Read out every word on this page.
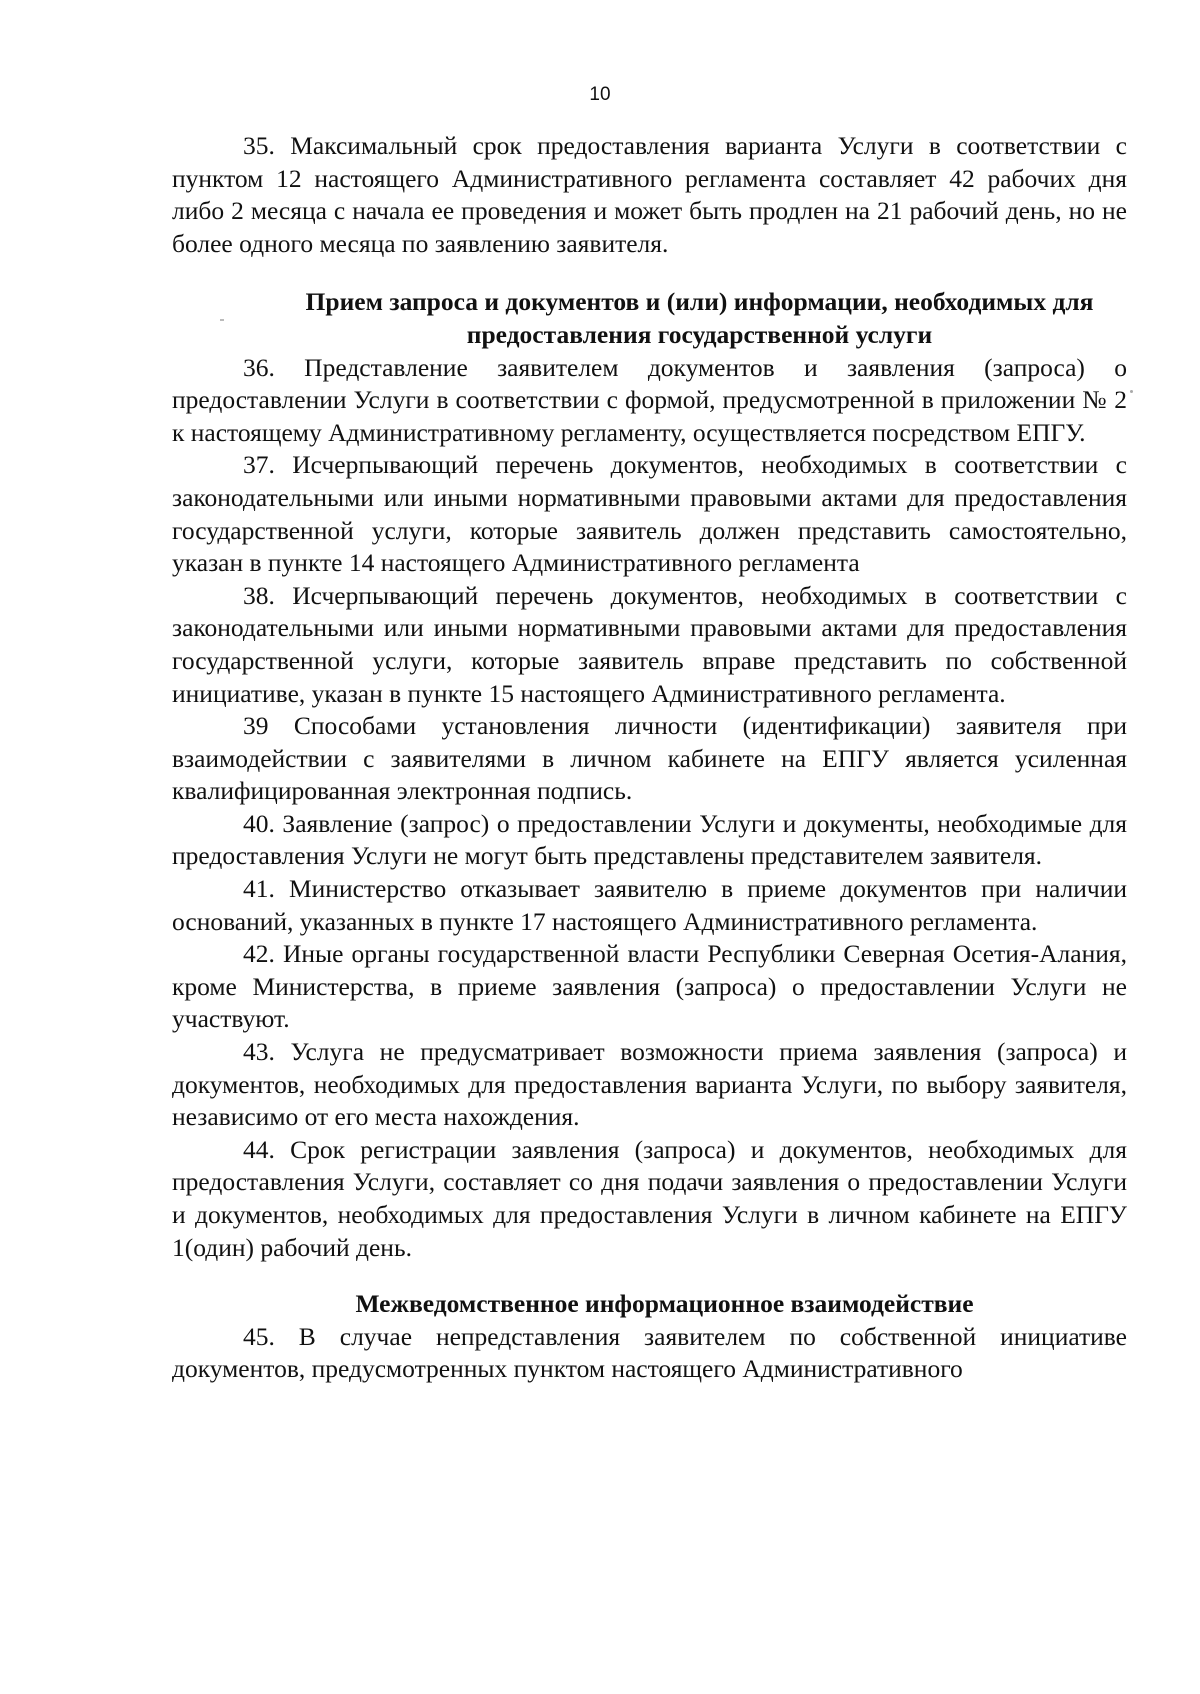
10

35. Максимальный срок предоставления варианта Услуги в соответствии с пунктом 12 настоящего Административного регламента составляет 42 рабочих дня либо 2 месяца с начала ее проведения и может быть продлен на 21 рабочий день, но не более одного месяца по заявлению заявителя.

Прием запроса и документов и (или) информации, необходимых для предоставления государственной услуги

36. Представление заявителем документов и заявления (запроса) о предоставлении Услуги в соответствии с формой, предусмотренной в приложении № 2 к настоящему Административному регламенту, осуществляется посредством ЕПГУ.

37. Исчерпывающий перечень документов, необходимых в соответствии с законодательными или иными нормативными правовыми актами для предоставления государственной услуги, которые заявитель должен представить самостоятельно, указан в пункте 14 настоящего Административного регламента

38. Исчерпывающий перечень документов, необходимых в соответствии с законодательными или иными нормативными правовыми актами для предоставления государственной услуги, которые заявитель вправе представить по собственной инициативе, указан в пункте 15 настоящего Административного регламента.

39 Способами установления личности (идентификации) заявителя при взаимодействии с заявителями в личном кабинете на ЕПГУ является усиленная квалифицированная электронная подпись.

40. Заявление (запрос) о предоставлении Услуги и документы, необходимые для предоставления Услуги не могут быть представлены представителем заявителя.

41. Министерство отказывает заявителю в приеме документов при наличии оснований, указанных в пункте 17 настоящего Административного регламента.

42. Иные органы государственной власти Республики Северная Осетия-Алания, кроме Министерства, в приеме заявления (запроса) о предоставлении Услуги не участвуют.

43. Услуга не предусматривает возможности приема заявления (запроса) и документов, необходимых для предоставления варианта Услуги, по выбору заявителя, независимо от его места нахождения.

44. Срок регистрации заявления (запроса) и документов, необходимых для предоставления Услуги, составляет со дня подачи заявления о предоставлении Услуги и документов, необходимых для предоставления Услуги в личном кабинете на ЕПГУ 1(один) рабочий день.

Межведомственное информационное взаимодействие

45. В случае непредставления заявителем по собственной инициативе документов, предусмотренных пунктом настоящего Административного
